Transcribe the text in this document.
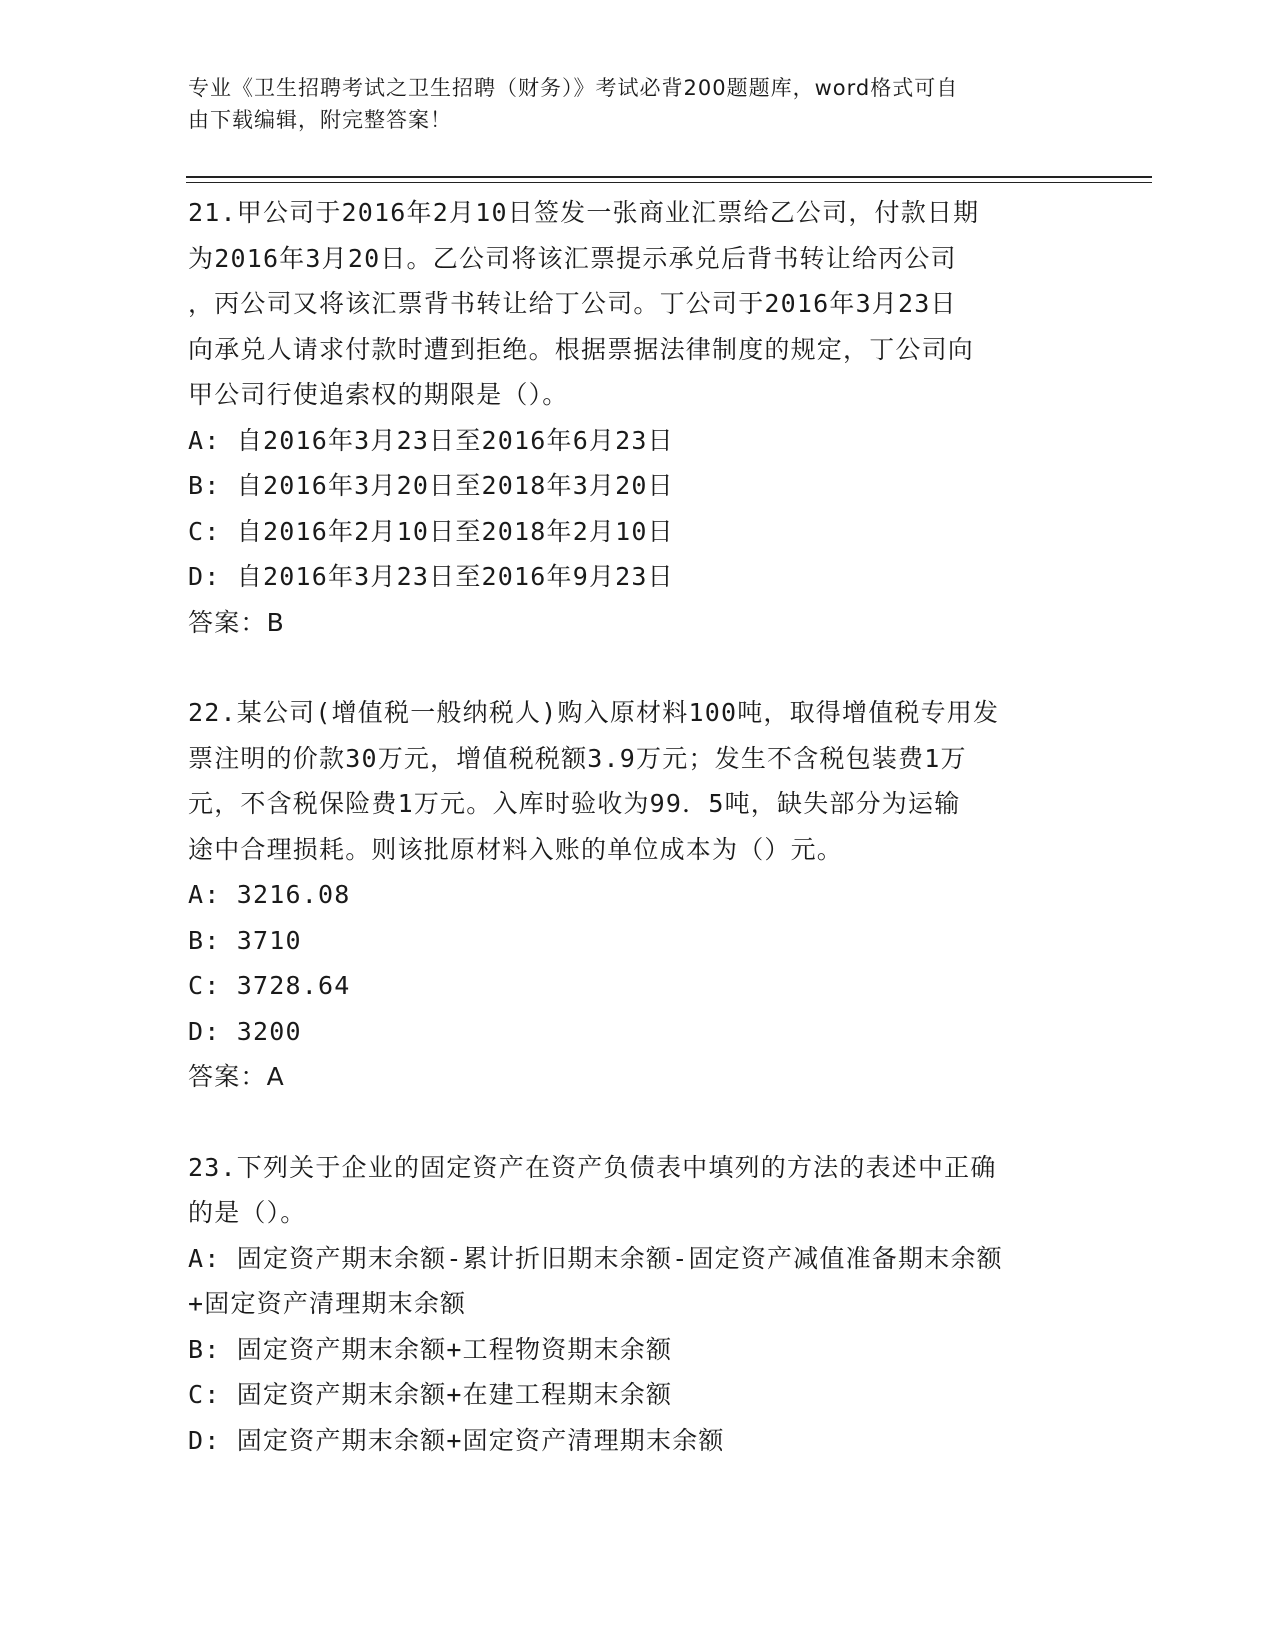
专业《卫生招聘考试之卫生招聘（财务）》考试必背200题题库，word格式可自
由下载编辑，附完整答案！

21.甲公司于2016年2月10日签发一张商业汇票给乙公司，付款日期

为2016年3月20日。乙公司将该汇票提示承兑后背书转让给丙公司

，丙公司又将该汇票背书转让给丁公司。丁公司于2016年3月23日

向承兑人请求付款时遭到拒绝。根据票据法律制度的规定，丁公司向

甲公司行使追索权的期限是（）。

A: 自2016年3月23日至2016年6月23日

B: 自2016年3月20日至2018年3月20日

C: 自2016年2月10日至2018年2月10日

D: 自2016年3月23日至2016年9月23日

答案：B

22.某公司(增值税一般纳税人)购入原材料100吨，取得增值税专用发

票注明的价款30万元，增值税税额3.9万元；发生不含税包装费1万

元，不含税保险费1万元。入库时验收为99．5吨，缺失部分为运输

途中合理损耗。则该批原材料入账的单位成本为（）元。

A: 3216.08

B: 3710

C: 3728.64

D: 3200

答案：A

23.下列关于企业的固定资产在资产负债表中填列的方法的表述中正确

的是（）。

A: 固定资产期末余额-累计折旧期末余额-固定资产减值准备期末余额

+固定资产清理期末余额

B: 固定资产期末余额+工程物资期末余额

C: 固定资产期末余额+在建工程期末余额

D: 固定资产期末余额+固定资产清理期末余额
